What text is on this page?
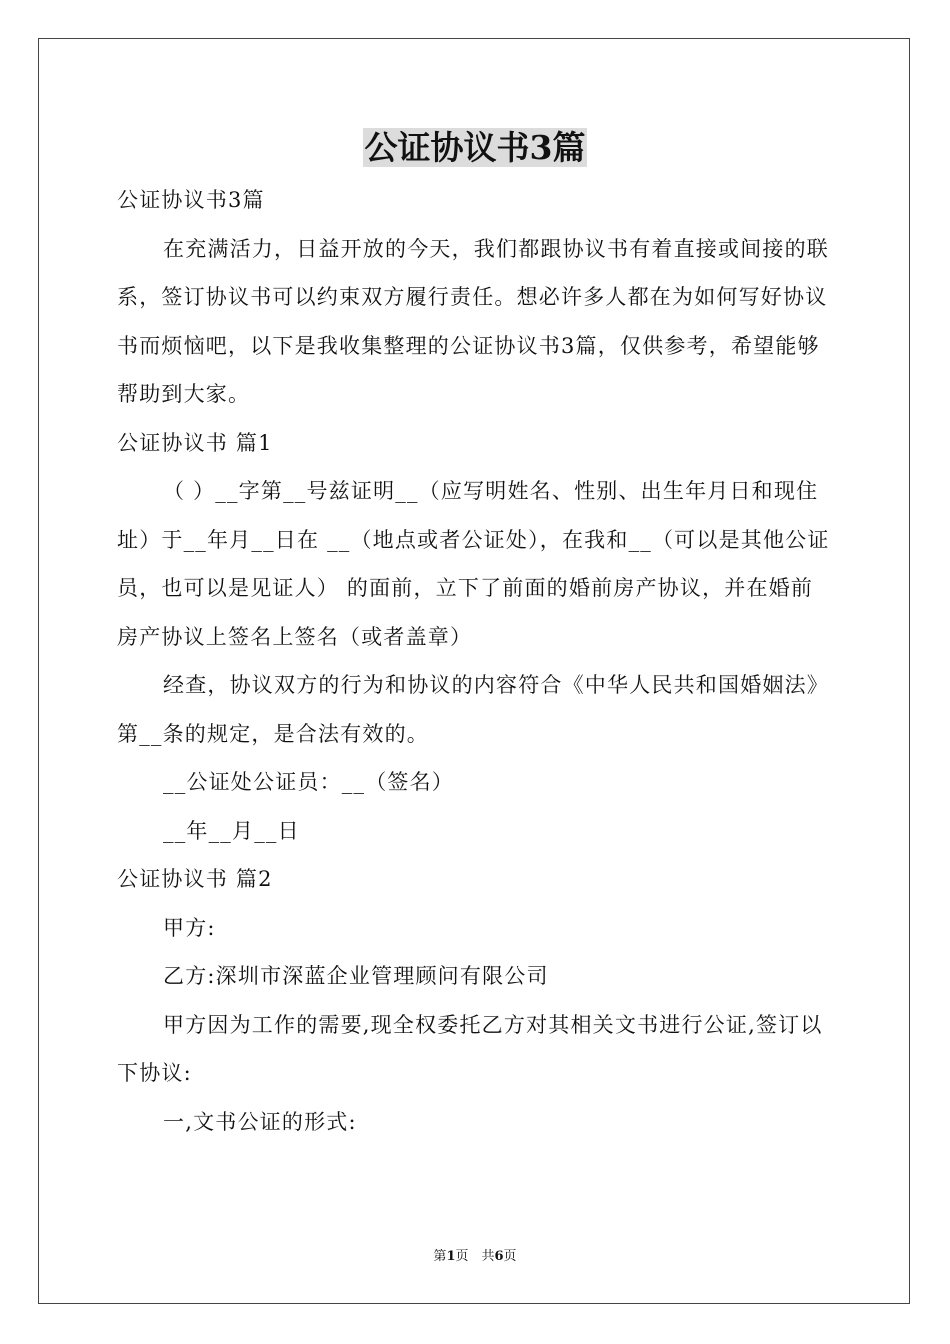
公证协议书3篇

公证协议书3篇

在充满活力，日益开放的今天，我们都跟协议书有着直接或间接的联系，签订协议书可以约束双方履行责任。想必许多人都在为如何写好协议书而烦恼吧，以下是我收集整理的公证协议书3篇，仅供参考，希望能够帮助到大家。

公证协议书 篇1

（ ）__字第__号兹证明__（应写明姓名、性别、出生年月日和现住址）于__年月__日在 __（地点或者公证处），在我和__（可以是其他公证员，也可以是见证人） 的面前，立下了前面的婚前房产协议，并在婚前房产协议上签名上签名（或者盖章）

经查，协议双方的行为和协议的内容符合《中华人民共和国婚姻法》第__条的规定，是合法有效的。

__公证处公证员：__（签名）

__年__月__日

公证协议书 篇2

甲方:

乙方:深圳市深蓝企业管理顾问有限公司

甲方因为工作的需要,现全权委托乙方对其相关文书进行公证,签订以下协议:

一,文书公证的形式:

第1页　共6页
